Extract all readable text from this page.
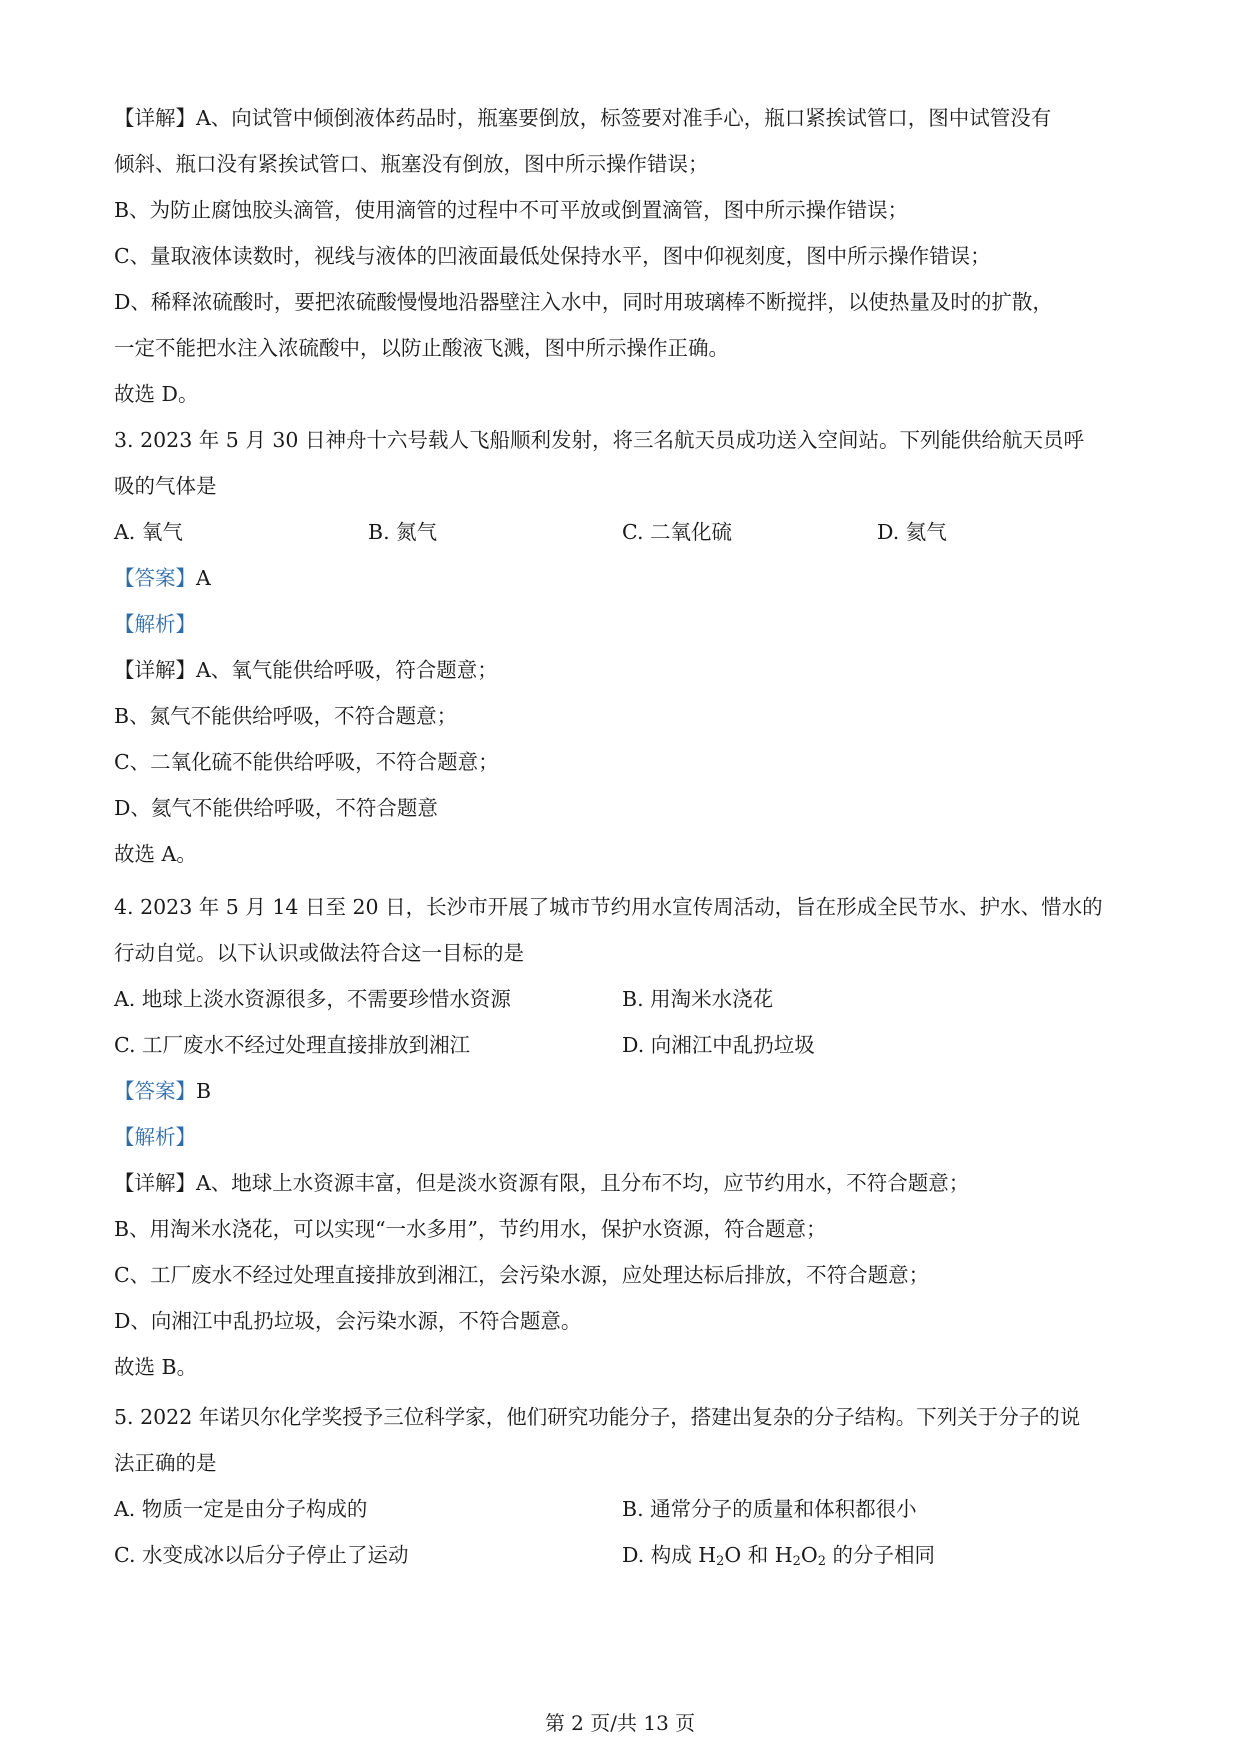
【详解】A、向试管中倾倒液体药品时，瓶塞要倒放，标签要对准手心，瓶口紧挨试管口，图中试管没有
倾斜、瓶口没有紧挨试管口、瓶塞没有倒放，图中所示操作错误；
B、为防止腐蚀胶头滴管，使用滴管的过程中不可平放或倒置滴管，图中所示操作错误；
C、量取液体读数时，视线与液体的凹液面最低处保持水平，图中仰视刻度，图中所示操作错误；
D、稀释浓硫酸时，要把浓硫酸慢慢地沿器壁注入水中，同时用玻璃棒不断搅拌，以使热量及时的扩散，
一定不能把水注入浓硫酸中，以防止酸液飞溅，图中所示操作正确。
故选 D。
3. 2023 年 5 月 30 日神舟十六号载人飞船顺利发射，将三名航天员成功送入空间站。下列能供给航天员呼
吸的气体是
A. 氧气	B. 氮气	C. 二氧化硫	D. 氦气
【答案】A
【解析】
【详解】A、氧气能供给呼吸，符合题意；
B、氮气不能供给呼吸，不符合题意；
C、二氧化硫不能供给呼吸，不符合题意；
D、氦气不能供给呼吸，不符合题意
故选 A。
4. 2023 年 5 月 14 日至 20 日，长沙市开展了城市节约用水宣传周活动，旨在形成全民节水、护水、惜水的
行动自觉。以下认识或做法符合这一目标的是
A. 地球上淡水资源很多，不需要珍惜水资源	B. 用淘米水浇花
C. 工厂废水不经过处理直接排放到湘江	D. 向湘江中乱扔垃圾
【答案】B
【解析】
【详解】A、地球上水资源丰富，但是淡水资源有限，且分布不均，应节约用水，不符合题意；
B、用淘米水浇花，可以实现“一水多用”，节约用水，保护水资源，符合题意；
C、工厂废水不经过处理直接排放到湘江，会污染水源，应处理达标后排放，不符合题意；
D、向湘江中乱扔垃圾，会污染水源，不符合题意。
故选 B。
5. 2022 年诺贝尔化学奖授予三位科学家，他们研究功能分子，搭建出复杂的分子结构。下列关于分子的说
法正确的是
A. 物质一定是由分子构成的	B. 通常分子的质量和体积都很小
C. 水变成冰以后分子停止了运动	D. 构成 $H_2O$ 和 $H_2O_2$ 的分子相同
第 2 页/共 13 页
